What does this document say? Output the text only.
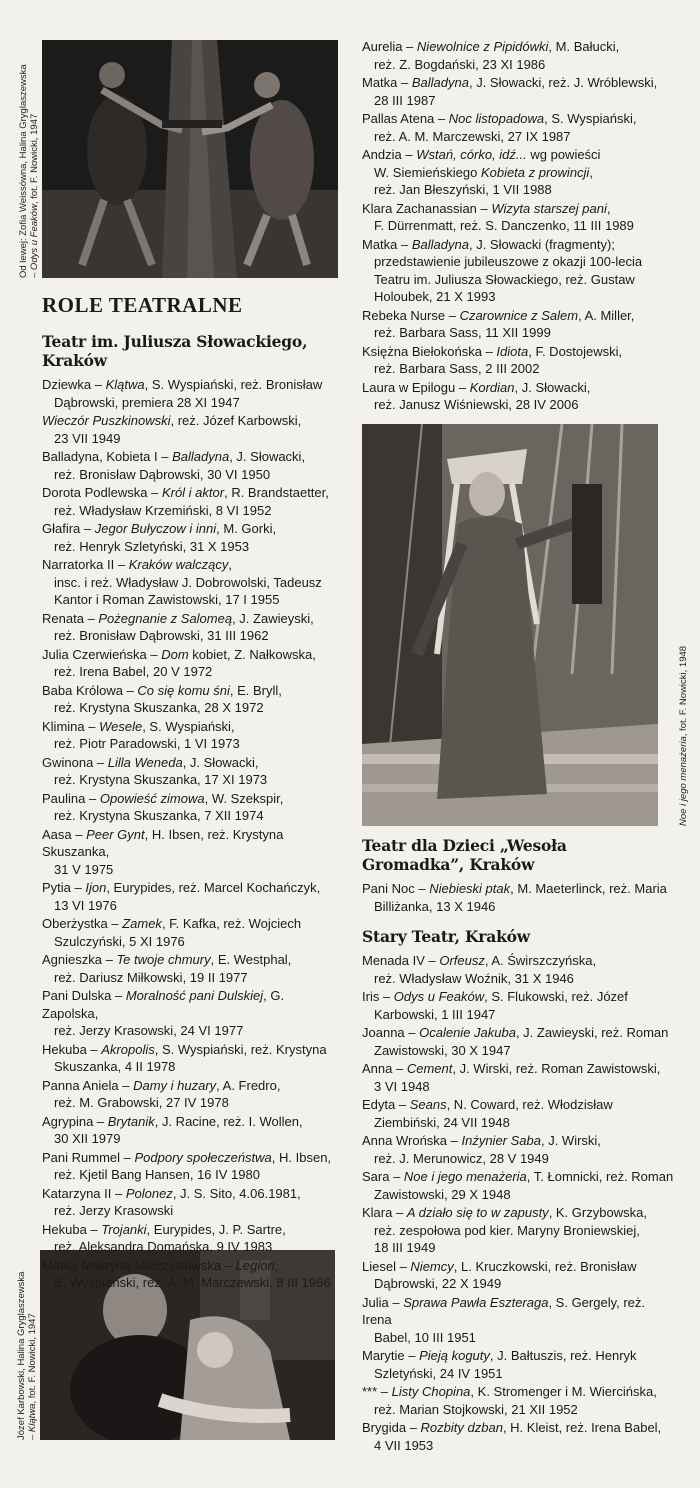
Od lewej: Zofia Weissówna, Halina Gryglaszewska – Odys u Feaków, fot. F. Nowicki, 1947
Józef Karbowski, Halina Gryglaszewska – Klątwa, fot. F. Nowicki, 1947
Noe i jego menażeria, fot. F. Nowicki, 1948
ROLE TEATRALNE
Teatr im. Juliusza Słowackiego, Kraków
Dziewka – Klątwa, S. Wyspiański, reż. Bronisław
Dąbrowski, premiera 28 XI 1947
Wieczór Puszkinowski, reż. Józef Karbowski,
23 VII 1949
Balladyna, Kobieta I – Balladyna, J. Słowacki,
reż. Bronisław Dąbrowski, 30 VI 1950
Dorota Podlewska – Król i aktor, R. Brandstaetter,
reż. Władysław Krzemiński, 8 VI 1952
Głafira – Jegor Bułyczow i inni, M. Gorki,
reż. Henryk Szletyński, 31 X 1953
Narratorka II – Kraków walczący,
insc. i reż. Władysław J. Dobrowolski, Tadeusz
Kantor i Roman Zawistowski, 17 I 1955
Renata – Pożegnanie z Salomeą, J. Zawieyski,
reż. Bronisław Dąbrowski, 31 III 1962
Julia Czerwieńska – Dom kobiet, Z. Nałkowska,
reż. Irena Babel, 20 V 1972
Baba Królowa – Co się komu śni, E. Bryll,
reż. Krystyna Skuszanka, 28 X 1972
Klimina – Wesele, S. Wyspiański,
reż. Piotr Paradowski, 1 VI 1973
Gwinona – Lilla Weneda, J. Słowacki,
reż. Krystyna Skuszanka, 17 XI 1973
Paulina – Opowieść zimowa, W. Szekspir,
reż. Krystyna Skuszanka, 7 XII 1974
Aasa – Peer Gynt, H. Ibsen, reż. Krystyna Skuszanka,
31 V 1975
Pytia – Ijon, Eurypides, reż. Marcel Kochańczyk,
13 VI 1976
Oberżystka – Zamek, F. Kafka, reż. Wojciech
Szulczyński, 5 XI 1976
Agnieszka – Te twoje chmury, E. Westphal,
reż. Dariusz Miłkowski, 19 II 1977
Pani Dulska – Moralność pani Dulskiej, G. Zapolska,
reż. Jerzy Krasowski, 24 VI 1977
Hekuba – Akropolis, S. Wyspiański, reż. Krystyna
Skuszanka, 4 II 1978
Panna Aniela – Damy i huzary, A. Fredro,
reż. M. Grabowski, 27 IV 1978
Agrypina – Brytanik, J. Racine, reż. I. Wollen,
30 XII 1979
Pani Rummel – Podpory społeczeństwa, H. Ibsen,
reż. Kjetil Bang Hansen, 16 IV 1980
Katarzyna II – Polonez, J. S. Sito, 4.06.1981,
reż. Jerzy Krasowski
Hekuba – Trojanki, Eurypides, J. P. Sartre,
reż. Aleksandra Domańska, 9 IV 1983
Matka Makryna Mieczysławska – Legion,
S. Wyspiański, reż. A. M. Marczewski, 8 III 1986
Aurelia – Niewolnice z Pipidówki, M. Bałucki,
reż. Z. Bogdański, 23 XI 1986
Matka – Balladyna, J. Słowacki, reż. J. Wróblewski,
28 III 1987
Pallas Atena – Noc listopadowa, S. Wyspiański,
reż. A. M. Marczewski, 27 IX 1987
Andzia – Wstań, córko, idź... wg powieści
W. Siemieńskiego Kobieta z prowincji,
reż. Jan Błeszyński, 1 VII 1988
Klara Zachanassian – Wizyta starszej pani,
F. Dürrenmatt, reż. S. Danczenko, 11 III 1989
Matka – Balladyna, J. Słowacki (fragmenty);
przedstawienie jubileuszowe z okazji 100-lecia
Teatru im. Juliusza Słowackiego, reż. Gustaw
Holoubek, 21 X 1993
Rebeka Nurse – Czarownice z Salem, A. Miller,
reż. Barbara Sass, 11 XII 1999
Księżna Biełokońska – Idiota, F. Dostojewski,
reż. Barbara Sass, 2 III 2002
Laura w Epilogu – Kordian, J. Słowacki,
reż. Janusz Wiśniewski, 28 IV 2006
Teatr dla Dzieci „Wesoła Gromadka”, Kraków
Pani Noc – Niebieski ptak, M. Maeterlinck, reż. Maria
Billiżanka, 13 X 1946
Stary Teatr, Kraków
Menada IV – Orfeusz, A. Świrszczyńska,
reż. Władysław Woźnik, 31 X 1946
Iris – Odys u Feaków, S. Flukowski, reż. Józef
Karbowski, 1 III 1947
Joanna – Ocalenie Jakuba, J. Zawieyski, reż. Roman
Zawistowski, 30 X 1947
Anna – Cement, J. Wirski, reż. Roman Zawistowski,
3 VI 1948
Edyta – Seans, N. Coward, reż. Włodzisław
Ziembiński, 24 VII 1948
Anna Wrońska – Inżynier Saba, J. Wirski,
reż. J. Merunowicz, 28 V 1949
Sara – Noe i jego menażeria, T. Łomnicki, reż. Roman
Zawistowski, 29 X 1948
Klara – A działo się to w zapusty, K. Grzybowska,
reż. zespołowa pod kier. Maryny Broniewskiej,
18 III 1949
Liesel – Niemcy, L. Kruczkowski, reż. Bronisław
Dąbrowski, 22 X 1949
Julia – Sprawa Pawła Eszteraga, S. Gergely, reż. Irena
Babel, 10 III 1951
Marytie – Pieją koguty, J. Bałtuszis, reż. Henryk
Szletyński, 24 IV 1951
*** – Listy Chopina, K. Stromenger i M. Wiercińska,
reż. Marian Stojkowski, 21 XII 1952
Brygida – Rozbity dzban, H. Kleist, reż. Irena Babel,
4 VII 1953
